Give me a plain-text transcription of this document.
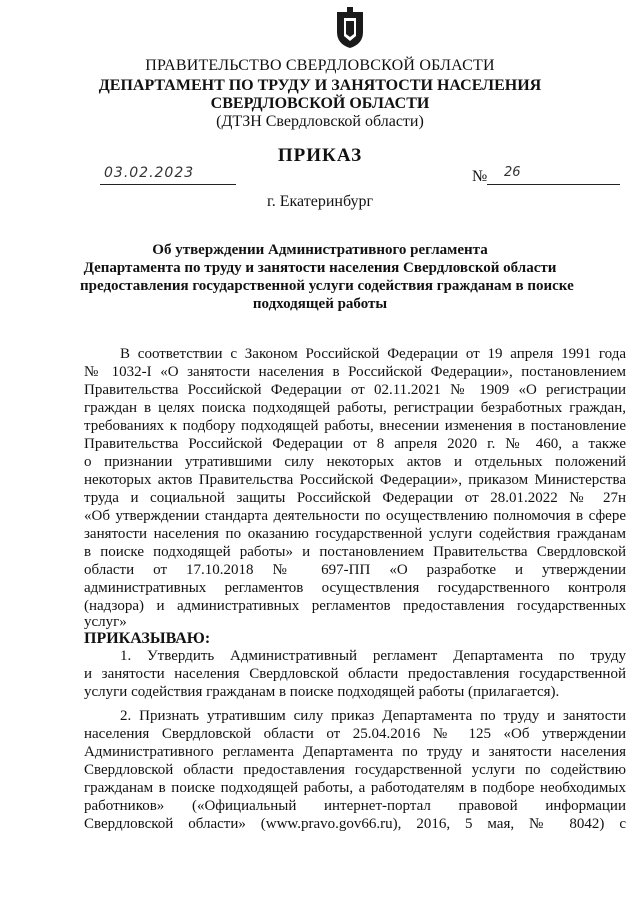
ПРАВИТЕЛЬСТВО СВЕРДЛОВСКОЙ ОБЛАСТИ
ДЕПАРТАМЕНТ ПО ТРУДУ И ЗАНЯТОСТИ НАСЕЛЕНИЯ
СВЕРДЛОВСКОЙ ОБЛАСТИ
(ДТЗН Свердловской области)
ПРИКАЗ
03.02.2023	№ 26
г. Екатеринбург
Об утверждении Административного регламента
Департамента по труду и занятости населения Свердловской области
предоставления государственной услуги содействия гражданам в поиске
подходящей работы
В соответствии с Законом Российской Федерации от 19 апреля 1991 года
№ 1032-I «О занятости населения в Российской Федерации», постановлением
Правительства Российской Федерации от 02.11.2021 № 1909 «О регистрации
граждан в целях поиска подходящей работы, регистрации безработных граждан,
требованиях к подбору подходящей работы, внесении изменения в постановление
Правительства Российской Федерации от 8 апреля 2020 г. № 460, а также
о признании утратившими силу некоторых актов и отдельных положений
некоторых актов Правительства Российской Федерации», приказом Министерства
труда и социальной защиты Российской Федерации от 28.01.2022 № 27н
«Об утверждении стандарта деятельности по осуществлению полномочия в сфере
занятости населения по оказанию государственной услуги содействия гражданам
в поиске подходящей работы» и постановлением Правительства Свердловской
области от 17.10.2018 № 697-ПП «О разработке и утверждении
административных регламентов осуществления государственного контроля
(надзора) и административных регламентов предоставления государственных
услуг»
ПРИКАЗЫВАЮ:
1. Утвердить Административный регламент Департамента по труду
и занятости населения Свердловской области предоставления государственной
услуги содействия гражданам в поиске подходящей работы (прилагается).
2. Признать утратившим силу приказ Департамента по труду и занятости
населения Свердловской области от 25.04.2016 № 125 «Об утверждении
Административного регламента Департамента по труду и занятости населения
Свердловской области предоставления государственной услуги по содействию
гражданам в поиске подходящей работы, а работодателям в подборе необходимых
работников» («Официальный интернет-портал правовой информации
Свердловской области» (www.pravo.gov66.ru), 2016, 5 мая, № 8042) с
